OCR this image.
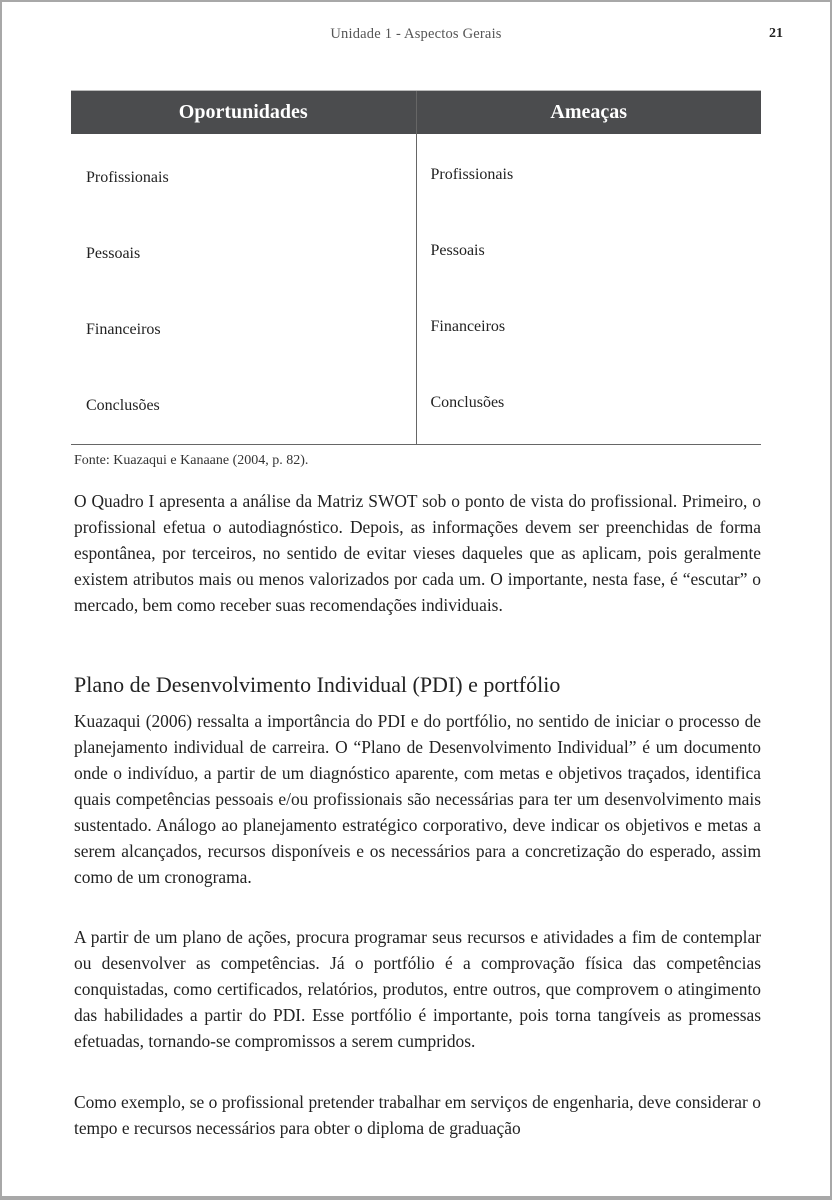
Unidade 1 - Aspectos Gerais	21
Oportunidades	Ameaças
Profissionais
Pessoais
Financeiros
Conclusões
Profissionais
Pessoais
Financeiros
Conclusões
Fonte: Kuazaqui e Kanaane (2004, p. 82).

O Quadro I apresenta a análise da Matriz SWOT sob o ponto de vista do profissional. Primeiro, o profissional efetua o autodiagnóstico. Depois, as informações devem ser preenchidas de forma espontânea, por terceiros, no sentido de evitar vieses daqueles que as aplicam, pois geralmente existem atributos mais ou menos valorizados por cada um. O importante, nesta fase, é “escutar” o mercado, bem como receber suas recomendações individuais.

Plano de Desenvolvimento Individual (PDI) e portfólio

Kuazaqui (2006) ressalta a importância do PDI e do portfólio, no sentido de iniciar o processo de planejamento individual de carreira. O “Plano de Desenvolvimento Individual” é um documento onde o indivíduo, a partir de um diagnóstico aparente, com metas e objetivos traçados, identifica quais competências pessoais e/ou profissionais são necessárias para ter um desenvolvimento mais sustentado. Análogo ao planejamento estratégico corporativo, deve indicar os objetivos e metas a serem alcançados, recursos disponíveis e os necessários para a concretização do esperado, assim como de um cronograma.

A partir de um plano de ações, procura programar seus recursos e atividades a fim de contemplar ou desenvolver as competências. Já o portfólio é a comprovação física das competências conquistadas, como certificados, relatórios, produtos, entre outros, que comprovem o atingimento das habilidades a partir do PDI. Esse portfólio é importante, pois torna tangíveis as promessas efetuadas, tornando-se compromissos a serem cumpridos.

Como exemplo, se o profissional pretender trabalhar em serviços de engenharia, deve considerar o tempo e recursos necessários para obter o diploma de graduação
